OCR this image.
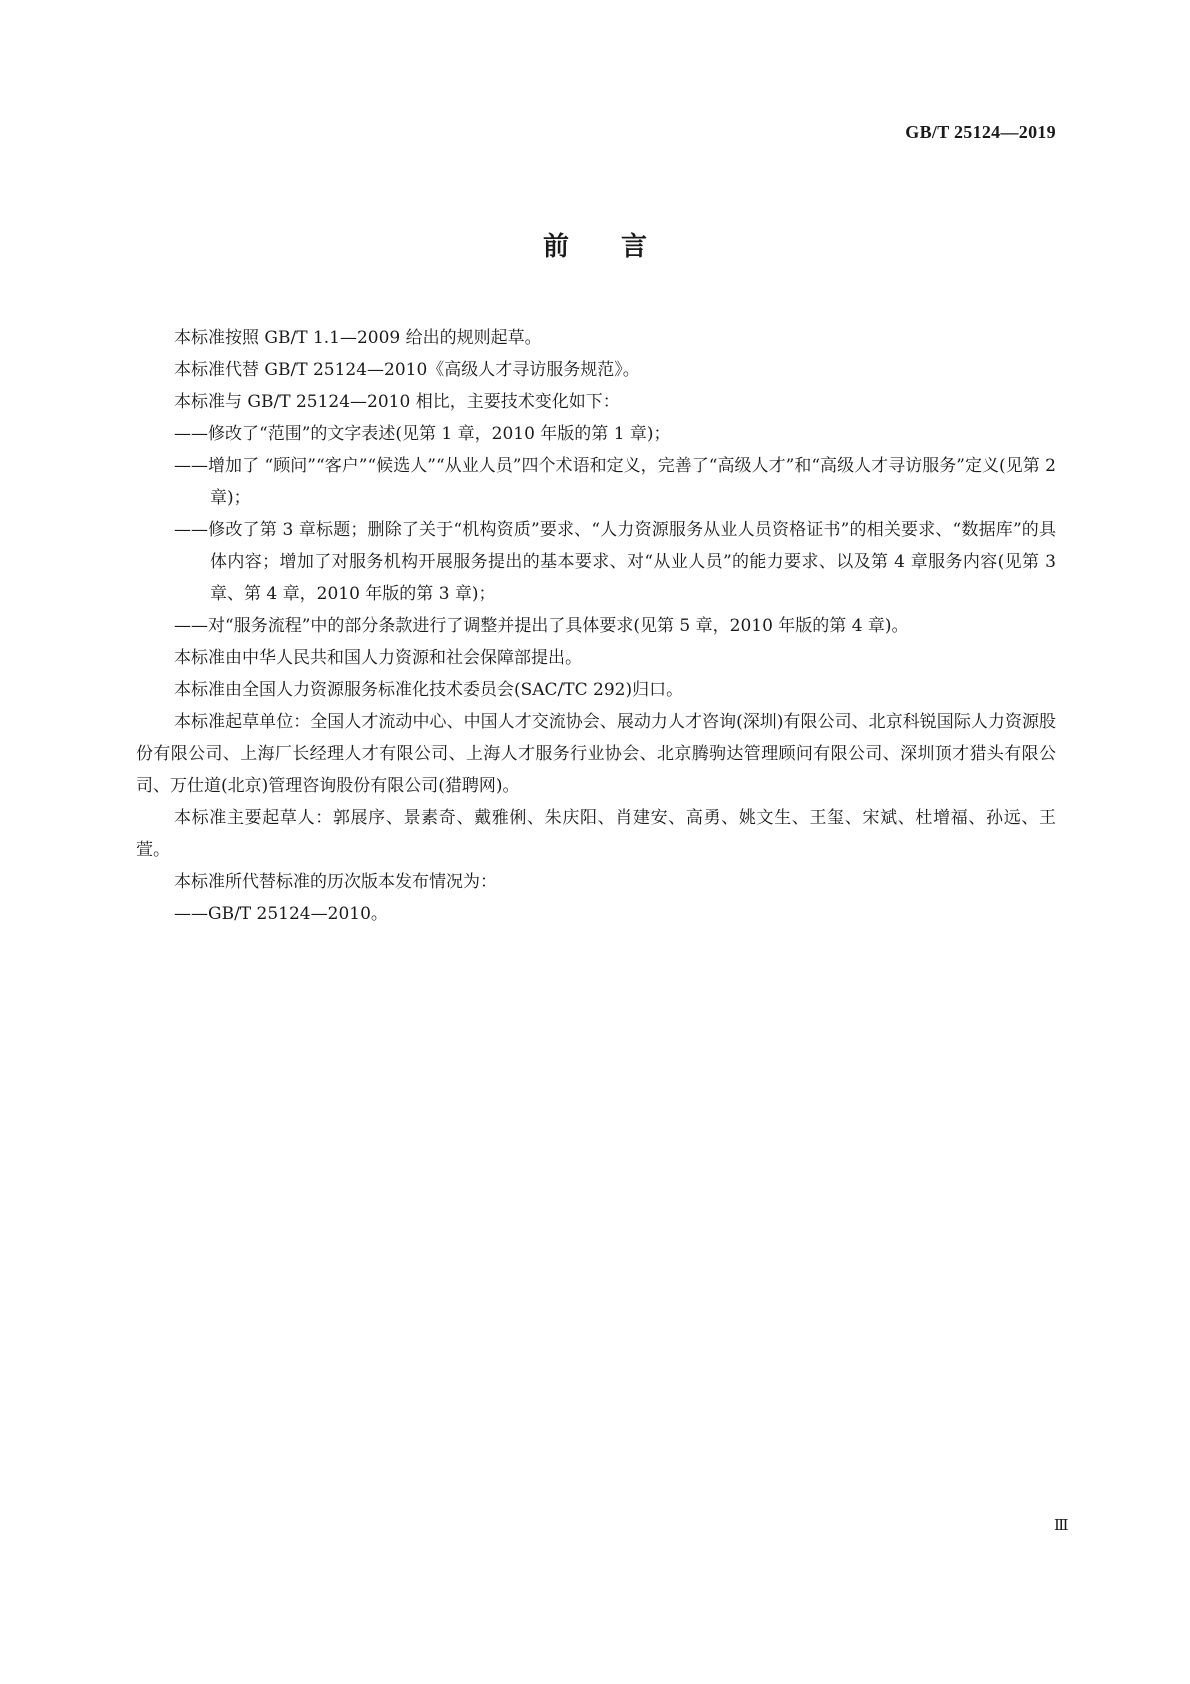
GB/T 25124—2019
前言

本标准按照 GB/T 1.1—2009 给出的规则起草。

本标准代替 GB/T 25124—2010《高级人才寻访服务规范》。

本标准与 GB/T 25124—2010 相比，主要技术变化如下：

——修改了“范围”的文字表述(见第 1 章，2010 年版的第 1 章)；

——增加了 “顾问”“客户”“候选人”“从业人员”四个术语和定义，完善了“高级人才”和“高级人才寻访服务”定义(见第 2 章)；

——修改了第 3 章标题；删除了关于“机构资质”要求、“人力资源服务从业人员资格证书”的相关要求、“数据库”的具体内容；增加了对服务机构开展服务提出的基本要求、对“从业人员”的能力要求、以及第 4 章服务内容(见第 3 章、第 4 章，2010 年版的第 3 章)；

——对“服务流程”中的部分条款进行了调整并提出了具体要求(见第 5 章，2010 年版的第 4 章)。

本标准由中华人民共和国人力资源和社会保障部提出。

本标准由全国人力资源服务标准化技术委员会(SAC/TC 292)归口。

本标准起草单位：全国人才流动中心、中国人才交流协会、展动力人才咨询(深圳)有限公司、北京科锐国际人力资源股份有限公司、上海厂长经理人才有限公司、上海人才服务行业协会、北京腾驹达管理顾问有限公司、深圳顶才猎头有限公司、万仕道(北京)管理咨询股份有限公司(猎聘网)。

本标准主要起草人：郭展序、景素奇、戴雅俐、朱庆阳、肖建安、高勇、姚文生、王玺、宋斌、杜增福、孙远、王萱。

本标准所代替标准的历次版本发布情况为：

——GB/T 25124—2010。

Ⅲ
